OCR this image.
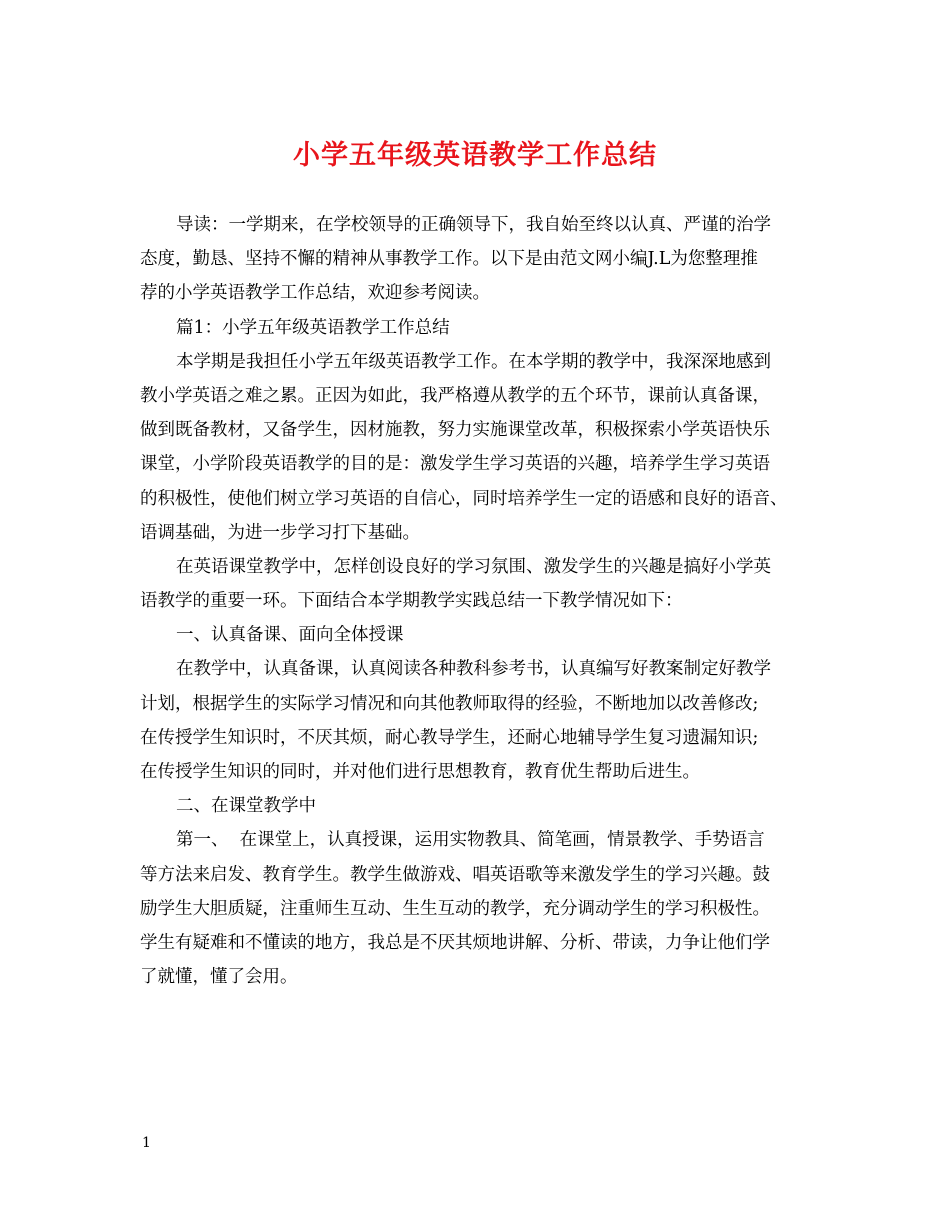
小学五年级英语教学工作总结
导读：一学期来，在学校领导的正确领导下，我自始至终以认真、严谨的治学
态度，勤恳、坚持不懈的精神从事教学工作。以下是由范文网小编J.L为您整理推
荐的小学英语教学工作总结，欢迎参考阅读。
篇1：小学五年级英语教学工作总结
本学期是我担任小学五年级英语教学工作。在本学期的教学中，我深深地感到
教小学英语之难之累。正因为如此，我严格遵从教学的五个环节，课前认真备课，
做到既备教材，又备学生，因材施教，努力实施课堂改革，积极探索小学英语快乐
课堂，小学阶段英语教学的目的是：激发学生学习英语的兴趣，培养学生学习英语
的积极性，使他们树立学习英语的自信心，同时培养学生一定的语感和良好的语音、
语调基础，为进一步学习打下基础。
在英语课堂教学中，怎样创设良好的学习氛围、激发学生的兴趣是搞好小学英
语教学的重要一环。下面结合本学期教学实践总结一下教学情况如下：
一、认真备课、面向全体授课
在教学中，认真备课，认真阅读各种教科参考书，认真编写好教案制定好教学
计划，根据学生的实际学习情况和向其他教师取得的经验，不断地加以改善修改;
在传授学生知识时，不厌其烦，耐心教导学生，还耐心地辅导学生复习遗漏知识;
在传授学生知识的同时，并对他们进行思想教育，教育优生帮助后进生。
二、在课堂教学中
第一、  在课堂上，认真授课，运用实物教具、简笔画，情景教学、手势语言
等方法来启发、教育学生。教学生做游戏、唱英语歌等来激发学生的学习兴趣。鼓
励学生大胆质疑，注重师生互动、生生互动的教学，充分调动学生的学习积极性。
学生有疑难和不懂读的地方，我总是不厌其烦地讲解、分析、带读，力争让他们学
了就懂，懂了会用。
1
